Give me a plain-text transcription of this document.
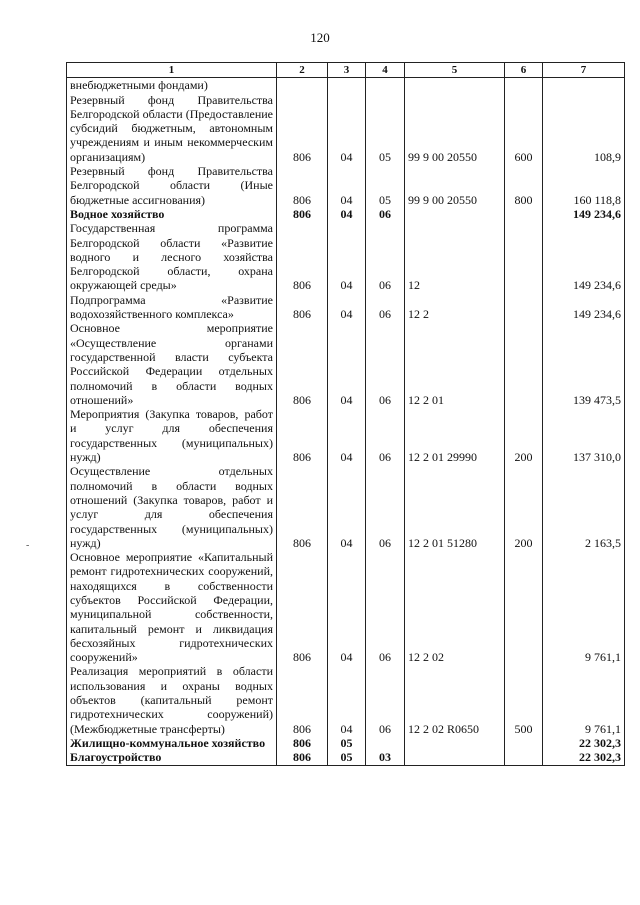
120
1	2	3	4	5	6	7
внебюджетными фондами)						
Резервный фонд Правительства Белгородской области (Предоставление субсидий бюджетным, автономным учреждениям и иным некоммерческим организациям)	806	04	05	99 9 00 20550	600	108,9
Резервный фонд Правительства Белгородской области (Иные бюджетные ассигнования)	806	04	05	99 9 00 20550	800	160 118,8
Водное хозяйство	806	04	06			149 234,6
Государственная программа Белгородской области «Развитие водного и лесного хозяйства Белгородской области, охрана окружающей среды»	806	04	06	12		149 234,6
Подпрограмма «Развитие водохозяйственного комплекса»	806	04	06	12 2		149 234,6
Основное мероприятие «Осуществление органами государственной власти субъекта Российской Федерации отдельных полномочий в области водных отношений»	806	04	06	12 2 01		139 473,5
Мероприятия (Закупка товаров, работ и услуг для обеспечения государственных (муниципальных) нужд)	806	04	06	12 2 01 29990	200	137 310,0
Осуществление отдельных полномочий в области водных отношений (Закупка товаров, работ и услуг для обеспечения государственных (муниципальных) нужд)	806	04	06	12 2 01 51280	200	2 163,5
Основное мероприятие «Капитальный ремонт гидротехнических сооружений, находящихся в собственности субъектов Российской Федерации, муниципальной собственности, капитальный ремонт и ликвидация бесхозяйных гидротехнических сооружений»	806	04	06	12 2 02		9 761,1
Реализация мероприятий в области использования и охраны водных объектов (капитальный ремонт гидротехнических сооружений) (Межбюджетные трансферты)	806	04	06	12 2 02 R0650	500	9 761,1
Жилищно-коммунальное хозяйство	806	05				22 302,3
Благоустройство	806	05	03			22 302,3
-
